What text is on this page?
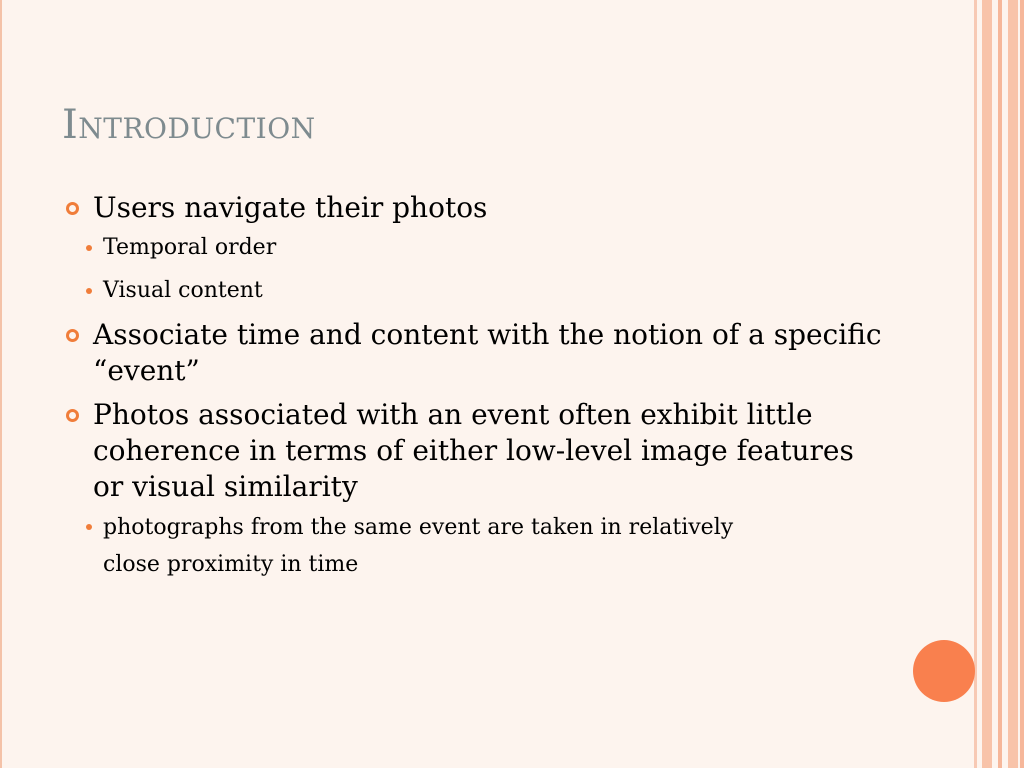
Introduction
Users navigate their photos
Temporal order
Visual content
Associate time and content with the notion of a specific “event”
Photos associated with an event often exhibit little coherence in terms of either low-level image features or visual similarity
photographs from the same event are taken in relatively close proximity in time
